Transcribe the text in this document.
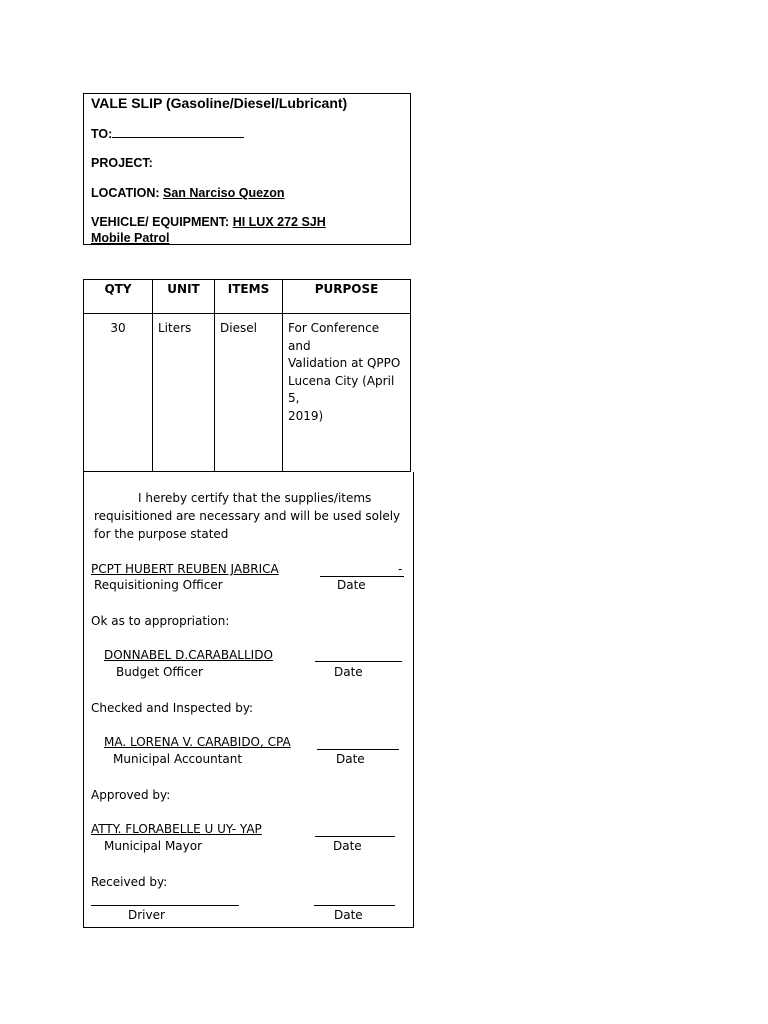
VALE SLIP (Gasoline/Diesel/Lubricant)
TO:
PROJECT:
LOCATION: San Narciso Quezon
VEHICLE/ EQUIPMENT: HI LUX 272 SJH
Mobile Patrol
QTY	UNIT	ITEMS	PURPOSE
30	Liters	Diesel	For Conference and
Validation at QPPO
Lucena City (April 5,
2019)
I hereby certify that the supplies/items
requisitioned are necessary and will be used solely
for the purpose stated
PCPT HUBERT REUBEN JABRICA	-
Requisitioning Officer	Date
Ok as to appropriation:
DONNABEL D.CARABALLIDO
Budget Officer	Date
Checked and Inspected by:
MA. LORENA V. CARABIDO, CPA
Municipal Accountant	Date
Approved by:
ATTY. FLORABELLE U UY- YAP
Municipal Mayor	Date
Received by:
Driver	Date
